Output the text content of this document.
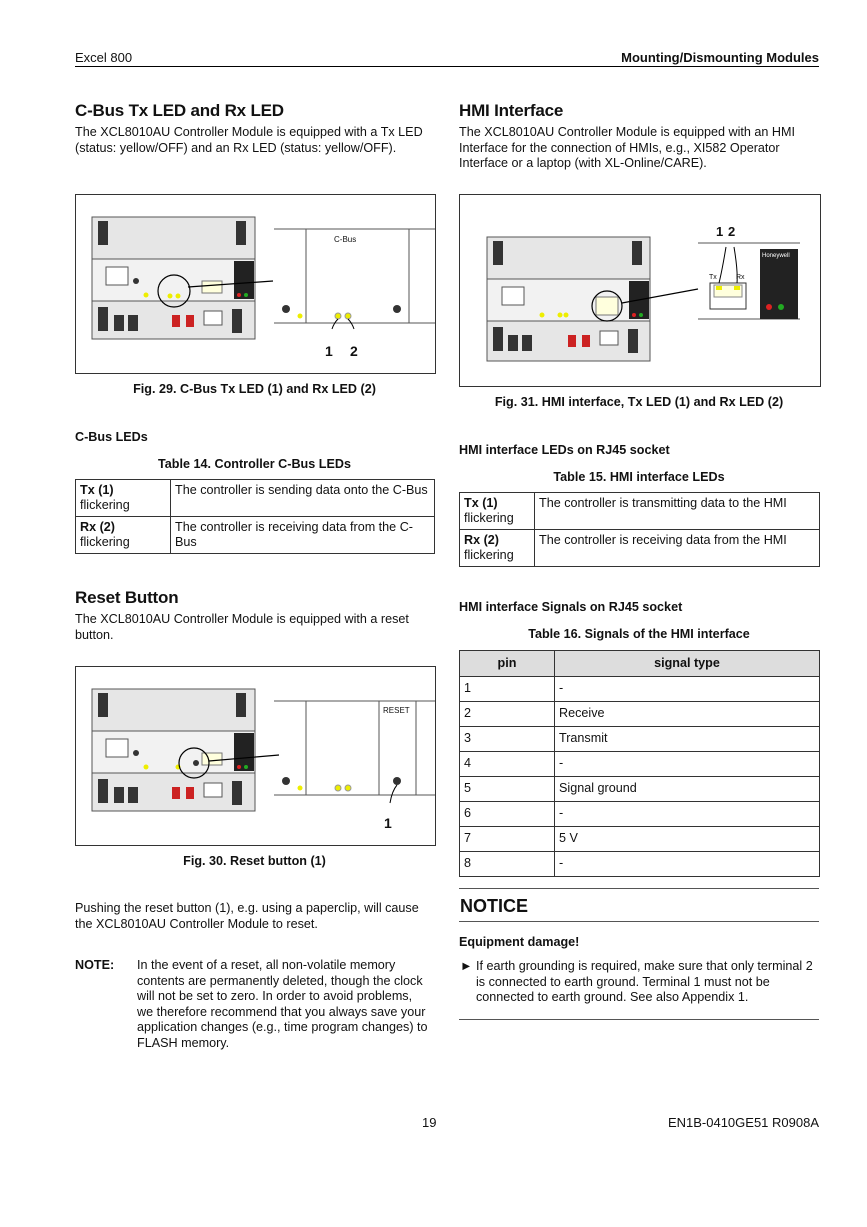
Excel 800	Mounting/Dismounting Modules
C-Bus Tx LED and Rx LED

The XCL8010AU Controller Module is equipped with a Tx LED (status: yellow/OFF) and an Rx LED (status: yellow/OFF).

C-Bus
1 2
Fig. 29. C-Bus Tx LED (1) and Rx LED (2)
C-Bus LEDs
Table 14. Controller C-Bus LEDs
Tx (1)
flickering	The controller is sending data onto the C-Bus
Rx (2)
flickering	The controller is receiving data from the C-Bus
Reset Button

The XCL8010AU Controller Module is equipped with a reset button.

RESET
1
Fig. 30. Reset button (1)

Pushing the reset button (1), e.g. using a paperclip, will cause the XCL8010AU Controller Module to reset.

NOTE: In the event of a reset, all non-volatile memory contents are permanently deleted, though the clock will not be set to zero. In order to avoid problems, we therefore recommend that you always save your application changes (e.g., time program changes) to FLASH memory.

HMI Interface

The XCL8010AU Controller Module is equipped with an HMI Interface for the connection of HMIs, e.g., XI582 Operator Interface or a laptop (with XL-Online/CARE).

1 2
Tx	Rx
Honeywell
Fig. 31. HMI interface, Tx LED (1) and Rx LED (2)
HMI interface LEDs on RJ45 socket
Table 15. HMI interface LEDs
Tx (1)
flickering	The controller is transmitting data to the HMI
Rx (2)
flickering	The controller is receiving data from the HMI
HMI interface Signals on RJ45 socket
Table 16. Signals of the HMI interface
pin	signal type
1	-
2	Receive
3	Transmit
4	-
5	Signal ground
6	-
7	5 V
8	-
NOTICE
Equipment damage!
► If earth grounding is required, make sure that only terminal 2 is connected to earth ground. Terminal 1 must not be connected to earth ground. See also Appendix 1.

19	EN1B-0410GE51 R0908A
